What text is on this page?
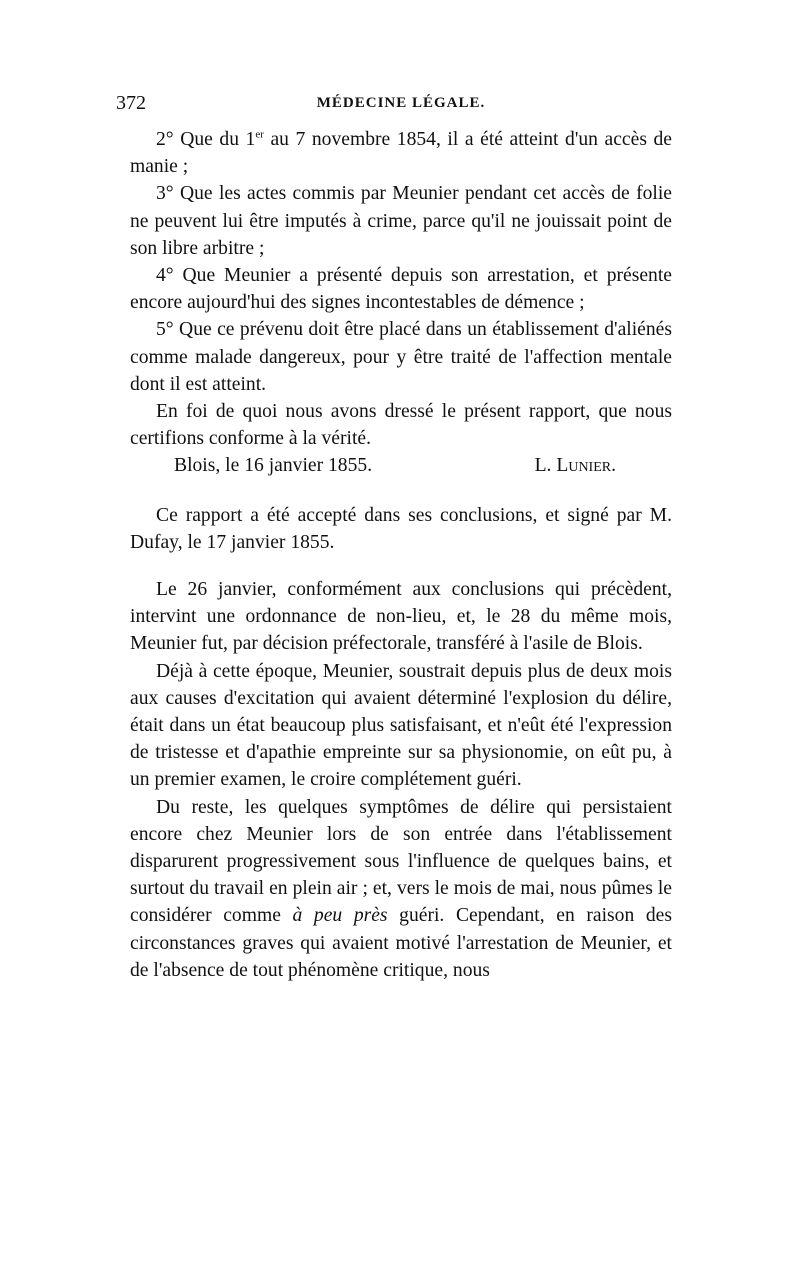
372	MÉDECINE LÉGALE.

2° Que du 1er au 7 novembre 1854, il a été atteint d'un accès de manie ;

3° Que les actes commis par Meunier pendant cet accès de folie ne peuvent lui être imputés à crime, parce qu'il ne jouissait point de son libre arbitre ;

4° Que Meunier a présenté depuis son arrestation, et présente encore aujourd'hui des signes incontestables de démence ;

5° Que ce prévenu doit être placé dans un établissement d'aliénés comme malade dangereux, pour y être traité de l'affection mentale dont il est atteint.

En foi de quoi nous avons dressé le présent rapport, que nous certifions conforme à la vérité.

Blois, le 16 janvier 1855.	L. Lunier.

Ce rapport a été accepté dans ses conclusions, et signé par M. Dufay, le 17 janvier 1855.

Le 26 janvier, conformément aux conclusions qui précèdent, intervint une ordonnance de non-lieu, et, le 28 du même mois, Meunier fut, par décision préfectorale, transféré à l'asile de Blois.

Déjà à cette époque, Meunier, soustrait depuis plus de deux mois aux causes d'excitation qui avaient déterminé l'explosion du délire, était dans un état beaucoup plus satisfaisant, et n'eût été l'expression de tristesse et d'apathie empreinte sur sa physionomie, on eût pu, à un premier examen, le croire complétement guéri.

Du reste, les quelques symptômes de délire qui persistaient encore chez Meunier lors de son entrée dans l'établissement disparurent progressivement sous l'influence de quelques bains, et surtout du travail en plein air ; et, vers le mois de mai, nous pûmes le considérer comme à peu près guéri. Cependant, en raison des circonstances graves qui avaient motivé l'arrestation de Meunier, et de l'absence de tout phénomène critique, nous
